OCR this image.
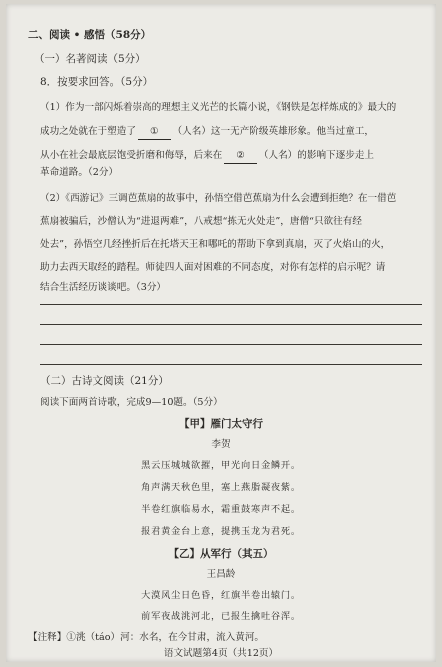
二、阅读 • 感悟（58分）
（一）名著阅读（5分）
8．按要求回答。（5分）
（1）作为一部闪烁着崇高的理想主义光芒的长篇小说，《钢铁是怎样炼成的》最大的
成功之处就在于塑造了 ① （人名）这一无产阶级英雄形象。他当过童工，
从小在社会最底层饱受折磨和侮辱，后来在 ② （人名）的影响下逐步走上
革命道路。（2分）
（2）《西游记》三调芭蕉扇的故事中，孙悟空借芭蕉扇为什么会遭到拒绝？在一借芭
蕉扇被骗后，沙僧认为“进退两难”，八戒想“拣无火处走”，唐僧“只欲往有经
处去”，孙悟空几经挫折后在托塔天王和哪吒的帮助下拿到真扇，灭了火焰山的火，
助力去西天取经的踏程。师徒四人面对困难的不同态度，对你有怎样的启示呢？请
结合生活经历谈谈吧。（3分）
（二）古诗文阅读（21分）
阅读下面两首诗歌，完成9—10题。（5分）
【甲】雁门太守行
李贺
黑云压城城欲摧，甲光向日金鳞开。
角声满天秋色里，塞上燕脂凝夜紫。
半卷红旗临易水，霜重鼓寒声不起。
报君黄金台上意，提携玉龙为君死。
【乙】从军行（其五）
王昌龄
大漠风尘日色昏，红旗半卷出辕门。
前军夜战洮河北，已报生擒吐谷浑。
【注释】①洮（táo）河：水名，在今甘肃，流入黄河。
语文试题第4页（共12页）
